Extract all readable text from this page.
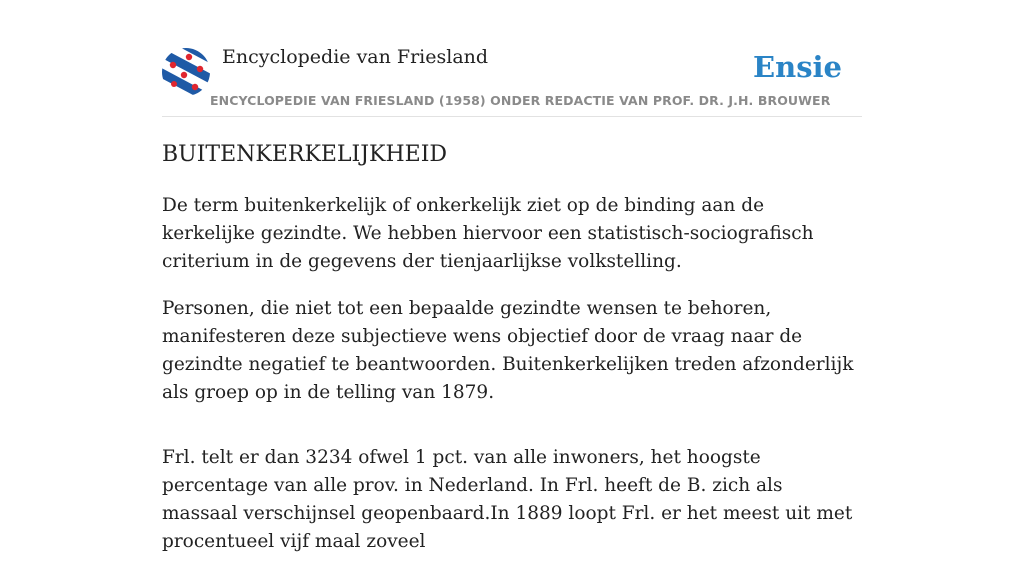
Encyclopedie van Friesland	Ensie
ENCYCLOPEDIE VAN FRIESLAND (1958) ONDER REDACTIE VAN PROF. DR. J.H. BROUWER
BUITENKERKELIJKHEID

De term buitenkerkelijk of onkerkelijk ziet op de binding aan de kerkelijke gezindte. We hebben hiervoor een statistisch-sociografisch criterium in de gegevens der tienjaarlijkse volkstelling.

Personen, die niet tot een bepaalde gezindte wensen te behoren, manifesteren deze subjectieve wens objectief door de vraag naar de gezindte negatief te beantwoorden. Buitenkerkelijken treden afzonderlijk als groep op in de telling van 1879.

Frl. telt er dan 3234 ofwel 1 pct. van alle inwoners, het hoogste percentage van alle prov. in Nederland. In Frl. heeft de B. zich als massaal verschijnsel geopenbaard.In 1889 loopt Frl. er het meest uit met procentueel vijf maal zoveel
